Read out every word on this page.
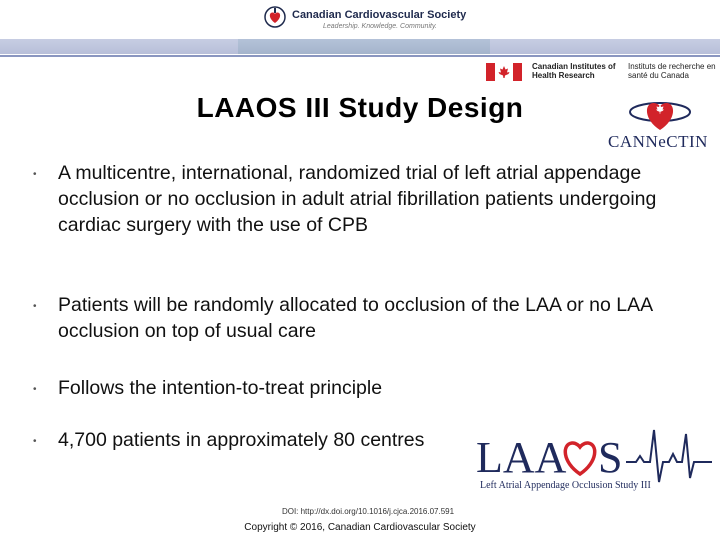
Canadian Cardiovascular Society
Leadership. Knowledge. Community.
Canadian Institutes of Health Research
Instituts de recherche en santé du Canada
LAAOS III Study Design
CANNeCTIN
• A multicentre, international, randomized trial of left atrial appendage occlusion or no occlusion in adult atrial fibrillation patients undergoing cardiac surgery with the use of CPB
• Patients will be randomly allocated to occlusion of the LAA or no LAA occlusion on top of usual care
• Follows the intention-to-treat principle
• 4,700 patients in approximately 80 centres	LAA S
Left Atrial Appendage Occlusion Study III
DOI: http://dx.doi.org/10.1016/j.cjca.2016.07.591
Copyright © 2016, Canadian Cardiovascular Society
